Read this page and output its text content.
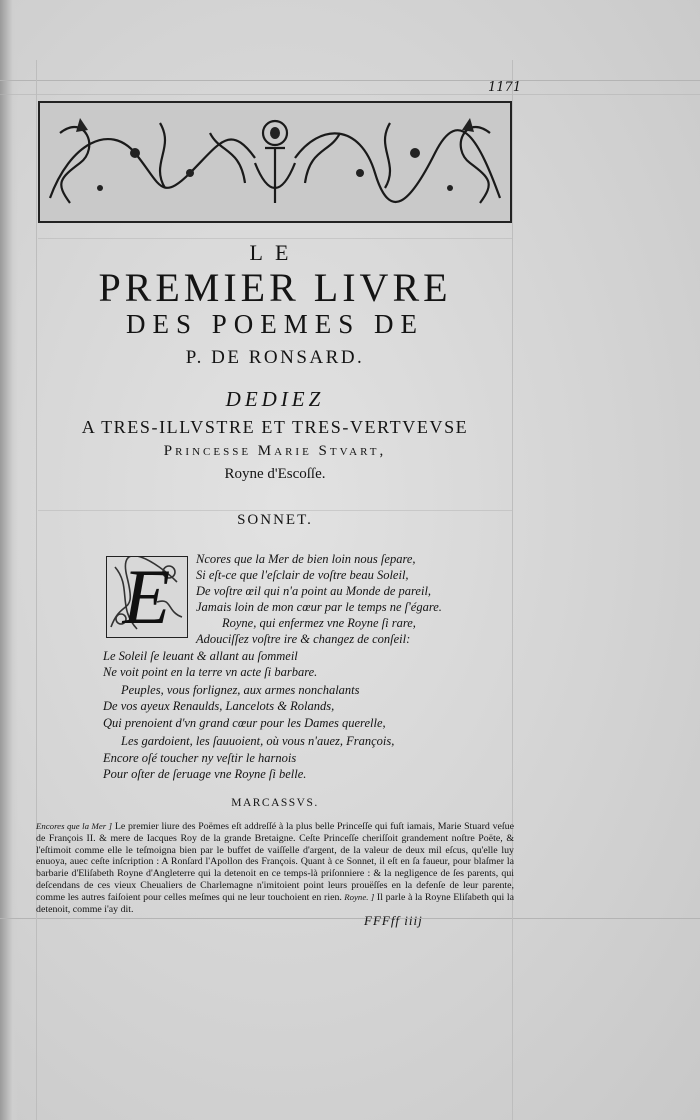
1171
LE
PREMIER LIVRE
DES POEMES DE
P. DE RONSARD.
DEDIEZ
A TRES-ILLVSTRE ET TRES-VERTVEVSE
Princesse Marie Stvart,
Royne d'Escoſſe.
SONNET.
E	Ncores que la Mer de bien loin nous ſepare,
Si eſt-ce que l'eſclair de voſtre beau Soleil,
De voſtre œil qui n'a point au Monde de pareil,
Jamais loin de mon cœur par le temps ne ſ'égare.
Royne, qui enfermez vne Royne ſi rare,
Adouciſſez voſtre ire & changez de conſeil:
Le Soleil ſe leuant & allant au ſommeil
Ne voit point en la terre vn acte ſi barbare.
Peuples, vous forlignez, aux armes nonchalants
De vos ayeux Renaulds, Lancelots & Rolands,
Qui prenoient d'vn grand cœur pour les Dames querelle,
Les gardoient, les ſauuoient, où vous n'auez, François,
Encore oſé toucher ny veſtir le harnois
Pour oſter de ſeruage vne Royne ſi belle.
MARCASSVS.
Encores que la Mer ] Le premier liure des Poëmes eſt addreſſé à la plus belle Princeſſe qui fuſt iamais, Marie Stuard veſue de François II. & mere de Iacques Roy de la grande Bretaigne. Ceſte Princeſſe cheriſſoit grandement noſtre Poëte, & l'eſtimoit comme elle le teſmoigna bien par le buffet de vaiſſelle d'argent, de la valeur de deux mil eſcus, qu'elle luy enuoya, auec ceſte inſcription : A Ronſard l'Apollon des François. Quant à ce Sonnet, il eſt en ſa faueur, pour blaſmer la barbarie d'Eliſabeth Royne d'Angleterre qui la detenoit en ce temps-là priſonniere : & la negligence de ſes parents, qui deſcendans de ces vieux Cheualiers de Charlemagne n'imitoient point leurs prouëſſes en la defenſe de leur parente, comme les autres faiſoient pour celles meſmes qui ne leur touchoient en rien. Royne. ] Il parle à la Royne Eliſabeth qui la detenoit, comme i'ay dit.
FFFff iiij
